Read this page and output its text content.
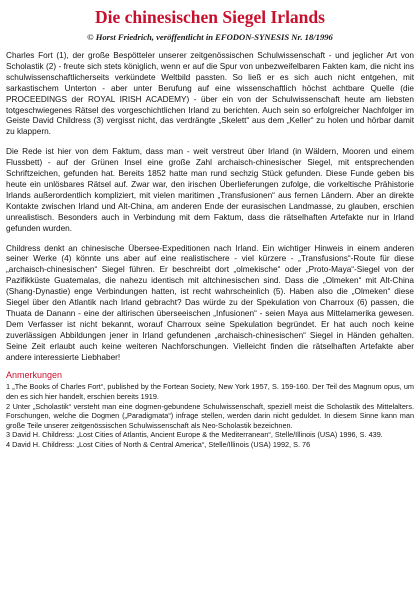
Die chinesischen Siegel Irlands

© Horst Friedrich, veröffentlicht in EFODON-SYNESIS Nr. 18/1996

Charles Fort (1), der große Bespötteler unserer zeitgenössischen Schulwissenschaft - und jeglicher Art von Scholastik (2) - freute sich stets königlich, wenn er auf die Spur von unbezweifelbaren Fakten kam, die nicht ins schulwissenschaftlicherseits verkündete Weltbild passten. So ließ er es sich auch nicht entgehen, mit sarkastischem Unterton - aber unter Berufung auf eine wissenschaftlich höchst achtbare Quelle (die PROCEEDINGS der ROYAL IRISH ACADEMY) - über ein von der Schulwissenschaft heute am liebsten totgeschwiegenes Rätsel des vorgeschichtlichen Irland zu berichten. Auch sein so erfolgreicher Nachfolger im Geiste David Childress (3) vergisst nicht, das verdrängte „Skelett“ aus dem „Keller“ zu holen und hörbar damit zu klappern.

Die Rede ist hier von dem Faktum, dass man - weit verstreut über Irland (in Wäldern, Mooren und einem Flussbett) - auf der Grünen Insel eine große Zahl archaisch-chinesischer Siegel, mit entsprechenden Schriftzeichen, gefunden hat. Bereits 1852 hatte man rund sechzig Stück gefunden. Diese Funde geben bis heute ein unlösbares Rätsel auf. Zwar war, den irischen Überlieferungen zufolge, die vorkeltische Prähistorie Irlands außerordentlich kompliziert, mit vielen maritimen „Transfusionen“ aus fernen Ländern. Aber an direkte Kontakte zwischen Irland und Alt-China, am anderen Ende der eurasischen Landmasse, zu glauben, erschien unrealistisch. Besonders auch in Verbindung mit dem Faktum, dass die rätselhaften Artefakte nur in Irland gefunden wurden.

Childress denkt an chinesische Übersee-Expeditionen nach Irland. Ein wichtiger Hinweis in einem anderen seiner Werke (4) könnte uns aber auf eine realistischere - viel kürzere - „Transfusions“-Route für diese „archaisch-chinesischen“ Siegel führen. Er beschreibt dort „olmekische“ oder „Proto-Maya“-Siegel von der Pazifikküste Guatemalas, die nahezu identisch mit altchinesischen sind. Dass die „Olmeken“ mit Alt-China (Shang-Dynastie) enge Verbindungen hatten, ist recht wahrscheinlich (5). Haben also die „Olmeken“ diese Siegel über den Atlantik nach Irland gebracht? Das würde zu der Spekulation von Charroux (6) passen, die Thuata de Danann - eine der altirischen überseeischen „Infusionen“ - seien Maya aus Mittelamerika gewesen. Dem Verfasser ist nicht bekannt, worauf Charroux seine Spekulation begründet. Er hat auch noch keine zuverlässigen Abbildungen jener in Irland gefundenen „archaisch-chinesischen“ Siegel in Händen gehalten. Seine Zeit erlaubt auch keine weiteren Nachforschungen. Vielleicht finden die rätselhaften Artefakte aber andere interessierte Liebhaber!

Anmerkungen

1 „The Books of Charles Fort“, published by the Fortean Society, New York 1957, S. 159-160. Der Teil des Magnum opus, um den es sich hier handelt, erschien bereits 1919.

2 Unter „Scholastik“ versteht man eine dogmen-gebundene Schulwissenschaft, speziell meist die Scholastik des Mittelalters. Forschungen, welche die Dogmen („Paradigmata“) infrage stellen, werden darin nicht geduldet. In diesem Sinne kann man große Teile unserer zeitgenössischen Schulwissenschaft als Neo-Scholastik bezeichnen.

3 David H. Childress: „Lost Cities of Atlantis, Ancient Europe & the Mediterranean“, Stelle/Illinois (USA) 1996, S. 439.

4 David H. Childress: „Lost Cities of North & Central America“, Stelle/Illinois (USA) 1992, S. 76
